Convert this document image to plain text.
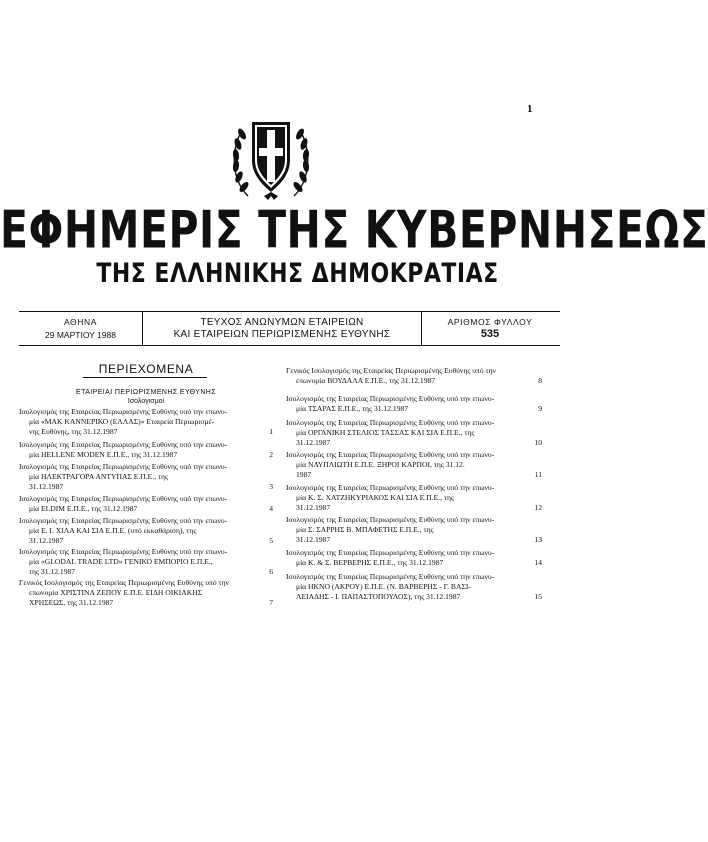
1
ΕΦΗΜΕΡΙΣ ΤΗΣ ΚΥΒΕΡΝΗΣΕΩΣ
ΤΗΣ ΕΛΛΗΝΙΚΗΣ ΔΗΜΟΚΡΑΤΙΑΣ
ΑΘΗΝΑ
29 ΜΑΡΤΙΟΥ 1988
ΤΕΥΧΟΣ ΑΝΩΝΥΜΩΝ ΕΤΑΙΡΕΙΩΝ
ΚΑΙ ΕΤΑΙΡΕΙΩΝ ΠΕΡΙΩΡΙΣΜΕΝΗΣ ΕΥΘΥΝΗΣ
ΑΡΙΘΜΟΣ ΦΥΛΛΟΥ
535
ΠΕΡΙΕΧΟΜΕΝΑ
ΕΤΑΙΡΕΙΑΙ ΠΕΡΙΩΡΙΣΜΕΝΗΣ ΕΥΘΥΝΗΣ
Ισολογισμοί
Ισολογισμός της Εταιρείας Περιωρισμένης Ευθύνης υπό την επωνυ-
μία «ΜΑΚ ΚΑΝΝΕΡΙΚΟ (ΕΛΛΑΣ)» Εταιρεία Περιωρισμέ-
νης Ευθύνης, της 31.12.1987	1
Ισολογισμός της Εταιρείας Περιωρισμένης Ευθύνης υπό την επωνυ-
μία HELLENE MODEN Ε.Π.Ε., της 31.12.1987	2
Ισολογισμός της Εταιρείας Περιωρισμένης Ευθύνης υπό την επωνυ-
μία ΗΛΕΚΤΡΑΓΟΡΑ ΑΝΤΥΠΑΣ Ε.Π.Ε., της
31.12.1987	3
Ισολογισμός της Εταιρείας Περιωρισμένης Ευθύνης υπό την επωνυ-
μία ELDIM Ε.Π.Ε., της 31.12.1987	4
Ισολογισμός της Εταιρείας Περιωρισμένης Ευθύνης υπό την επωνυ-
μία Ε. Ι. ΧΙΛΑ ΚΑΙ ΣΙΑ Ε.Π.Ε. (υπό εκκαθάριση), της
31.12.1987	5
Ισολογισμός της Εταιρείας Περιωρισμένης Ευθύνης υπό την επωνυ-
μία «GLODAL TRADE LTD» ΓΕΝΙΚΟ ΕΜΠΟΡΙΟ Ε.Π.Ε.,
της 31.12.1987	6
Γενικός Ισολογισμός της Εταιρείας Περιωρισμένης Ευθύνης υπό την
επωνυμία ΧΡΙΣΤΙΝΑ ΖΕΠΟΥ Ε.Π.Ε. ΕΙΔΗ ΟΙΚΙΑΚΗΣ
ΧΡΗΣΕΩΣ, της 31.12.1987	7
Γενικός Ισολογισμός της Εταιρείας Περιωρισμένης Ευθύνης υπό την
επωνυμία ΒΟΥΔΑΛΑ Ε.Π.Ε., της 31.12.1987	8
Ισολογισμός της Εταιρείας Περιωρισμένης Ευθύνης υπό την επωνυ-
μία ΤΣΑΡΑΣ Ε.Π.Ε., της 31.12.1987	9
Ισολογισμός της Εταιρείας Περιωρισμένης Ευθύνης υπό την επωνυ-
μία ΟΡΓΑΝΙΚΗ ΣΤΕΛΙΟΣ ΤΑΣΣΑΣ ΚΑΙ ΣΙΑ Ε.Π.Ε., της
31.12.1987	10
Ισολογισμός της Εταιρείας Περιωρισμένης Ευθύνης υπό την επωνυ-
μία ΝΑΥΠΛΙΩΤΗ Ε.Π.Ε. ΞΗΡΟΙ ΚΑΡΠΟΙ, της 31.12.
1987	11
Ισολογισμός της Εταιρείας Περιωρισμένης Ευθύνης υπό την επωνυ-
μία Κ. Σ. ΧΑΤΖΗΚΥΡΙΑΚΟΣ ΚΑΙ ΣΙΑ Ε.Π.Ε., της
31.12.1987	12
Ισολογισμός της Εταιρείας Περιωρισμένης Ευθύνης υπό την επωνυ-
μία Σ. ΣΑΡΡΗΣ Β. ΜΠΑΦΕΤΗΣ Ε.Π.Ε., της
31.12.1987	13
Ισολογισμός της Εταιρείας Περιωρισμένης Ευθύνης υπό την επωνυ-
μία Κ. & Σ. ΒΕΡΒΕΡΗΣ Ε.Π.Ε., της 31.12.1987	14
Ισολογισμός της Εταιρείας Περιωρισμένης Ευθύνης υπό την επωνυ-
μία ΗΚΝΟ (ΑΚΡΟΥ) Ε.Π.Ε. (Ν. ΒΑΡΒΕΡΗΣ - Γ. ΒΑΣΙ-
ΛΕΙΑΔΗΣ - Ι. ΠΑΠΑΣΤΟΠΟΥΛΟΣ), της 31.12.1987	15
